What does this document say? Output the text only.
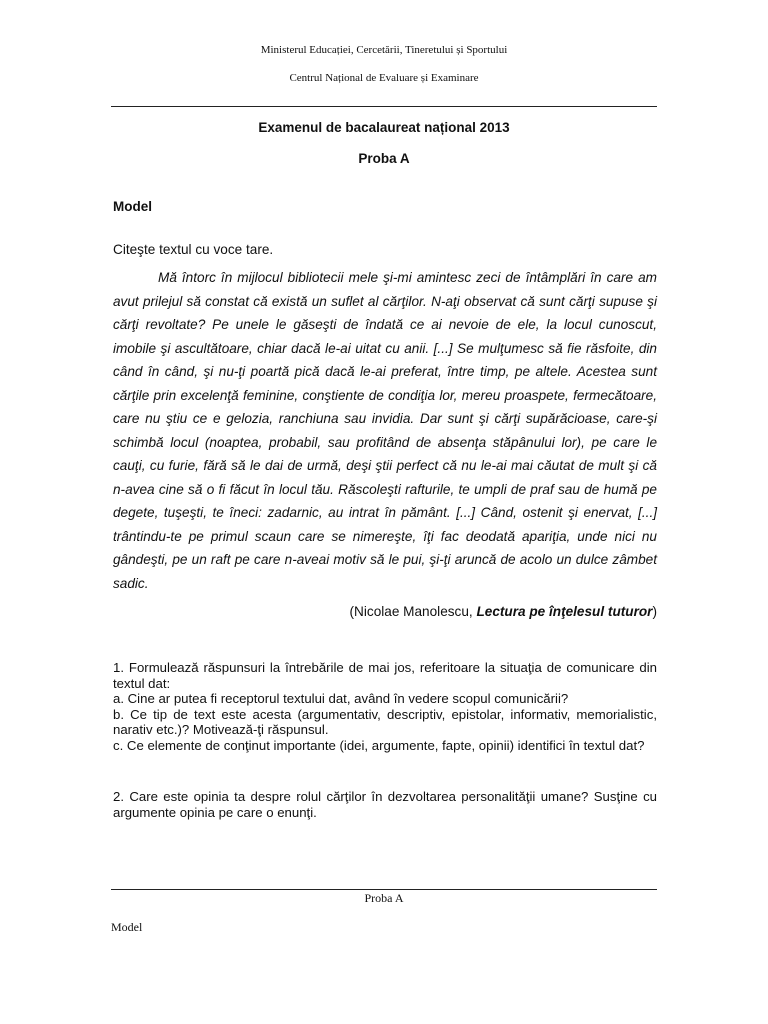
Ministerul Educației, Cercetării, Tineretului și Sportului
Centrul Național de Evaluare și Examinare
Examenul de bacalaureat național 2013
Proba A
Model
Citeşte textul cu voce tare.

Mă întorc în mijlocul bibliotecii mele şi-mi amintesc zeci de întâmplări în care am avut prilejul să constat că există un suflet al cărţilor. N-aţi observat că sunt cărţi supuse şi cărţi revoltate? Pe unele le găseşti de îndată ce ai nevoie de ele, la locul cunoscut, imobile şi ascultătoare, chiar dacă le-ai uitat cu anii. [...] Se mulţumesc să fie răsfoite, din când în când, şi nu-ţi poartă pică dacă le-ai preferat, între timp, pe altele. Acestea sunt cărţile prin excelenţă feminine, conştiente de condiţia lor, mereu proaspete, fermecătoare, care nu ştiu ce e gelozia, ranchiuna sau invidia. Dar sunt şi cărţi supărăcioase, care-şi schimbă locul (noaptea, probabil, sau profitând de absenţa stăpânului lor), pe care le cauţi, cu furie, fără să le dai de urmă, deşi ştii perfect că nu le-ai mai căutat de mult şi că n-avea cine să o fi făcut în locul tău. Răscoleşti rafturile, te umpli de praf sau de humă pe degete, tuşeşti, te îneci: zadarnic, au intrat în pământ. [...] Când, ostenit şi enervat, [...] trântindu-te pe primul scaun care se nimereşte, îţi fac deodată apariţia, unde nici nu gândeşti, pe un raft pe care n-aveai motiv să le pui, şi-ţi aruncă de acolo un dulce zâmbet sadic.

(Nicolae Manolescu, Lectura pe înţelesul tuturor)
1. Formulează răspunsuri la întrebările de mai jos, referitoare la situaţia de comunicare din textul dat:
a. Cine ar putea fi receptorul textului dat, având în vedere scopul comunicării?
b. Ce tip de text este acesta (argumentativ, descriptiv, epistolar, informativ, memorialistic, narativ etc.)? Motivează-ţi răspunsul.
c. Ce elemente de conţinut importante (idei, argumente, fapte, opinii) identifici în textul dat?
2. Care este opinia ta despre rolul cărţilor în dezvoltarea personalităţii umane? Susţine cu argumente opinia pe care o enunţi.
Proba A
Model
